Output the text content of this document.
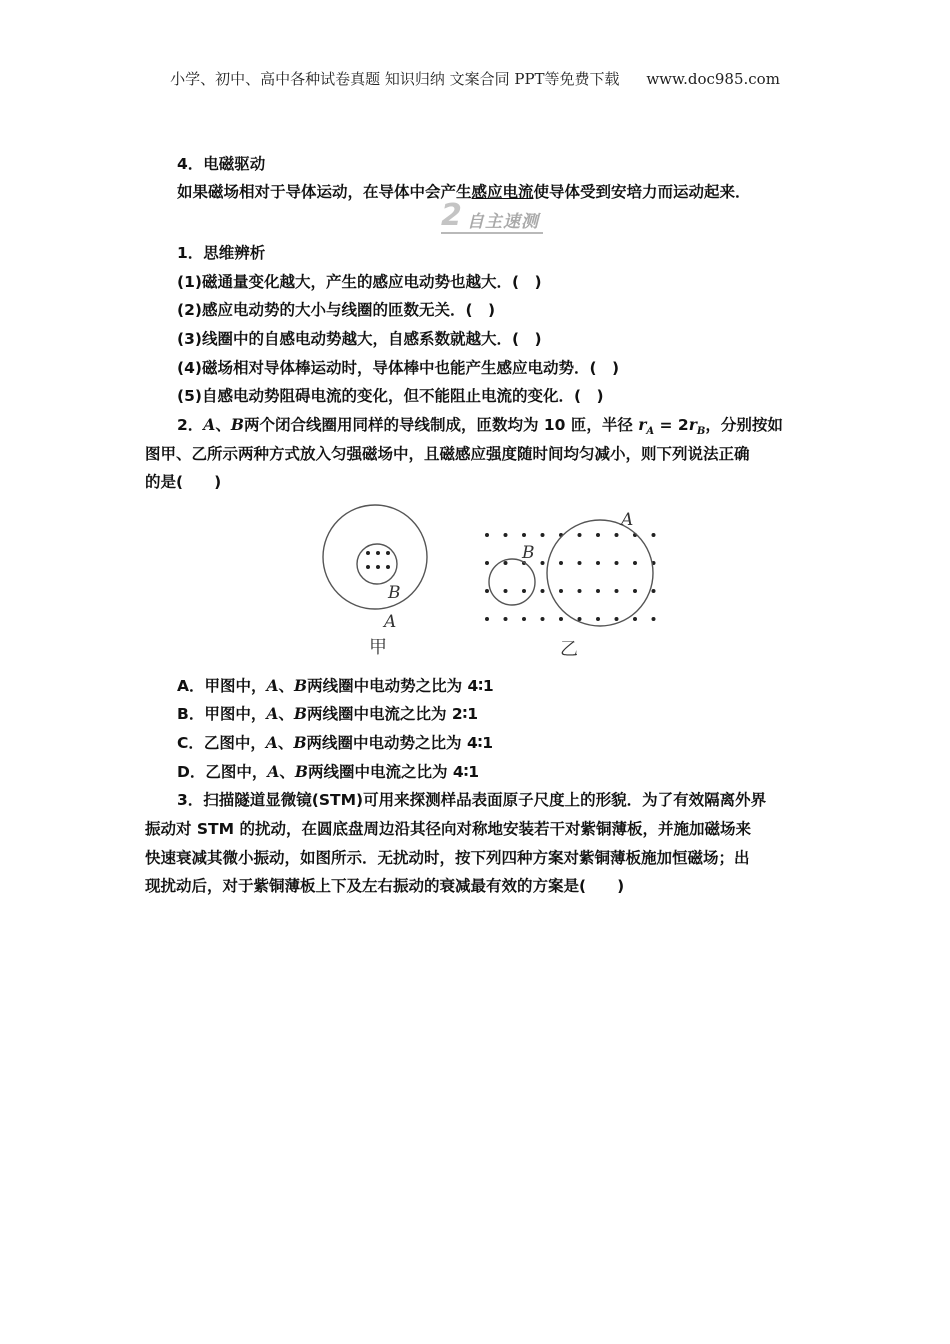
小学、初中、高中各种试卷真题 知识归纳 文案合同 PPT等免费下载 www.doc985.com
4．电磁驱动
如果磁场相对于导体运动，在导体中会产生感应电流使导体受到安培力而运动起来．
2 自主速测
1．思维辨析
(1)磁通量变化越大，产生的感应电动势也越大．(　)
(2)感应电动势的大小与线圈的匝数无关．(　)
(3)线圈中的自感电动势越大，自感系数就越大．(　)
(4)磁场相对导体棒运动时，导体棒中也能产生感应电动势．(　)
(5)自感电动势阻碍电流的变化，但不能阻止电流的变化．(　)
2．A、B两个闭合线圈用同样的导线制成，匝数均为 10 匝，半径 $r_A = 2r_B$，分别按如
图甲、乙所示两种方式放入匀强磁场中，且磁感应强度随时间均匀减小，则下列说法正确
的是(　　)
B
A
甲
B
A
乙
A．甲图中，A、B两线圈中电动势之比为 4∶1
B．甲图中，A、B两线圈中电流之比为 2∶1
C．乙图中，A、B两线圈中电动势之比为 4∶1
D．乙图中，A、B两线圈中电流之比为 4∶1
3．扫描隧道显微镜(STM)可用来探测样品表面原子尺度上的形貌．为了有效隔离外界
振动对 STM 的扰动，在圆底盘周边沿其径向对称地安装若干对紫铜薄板，并施加磁场来
快速衰减其微小振动，如图所示．无扰动时，按下列四种方案对紫铜薄板施加恒磁场；出
现扰动后，对于紫铜薄板上下及左右振动的衰减最有效的方案是(　　)
